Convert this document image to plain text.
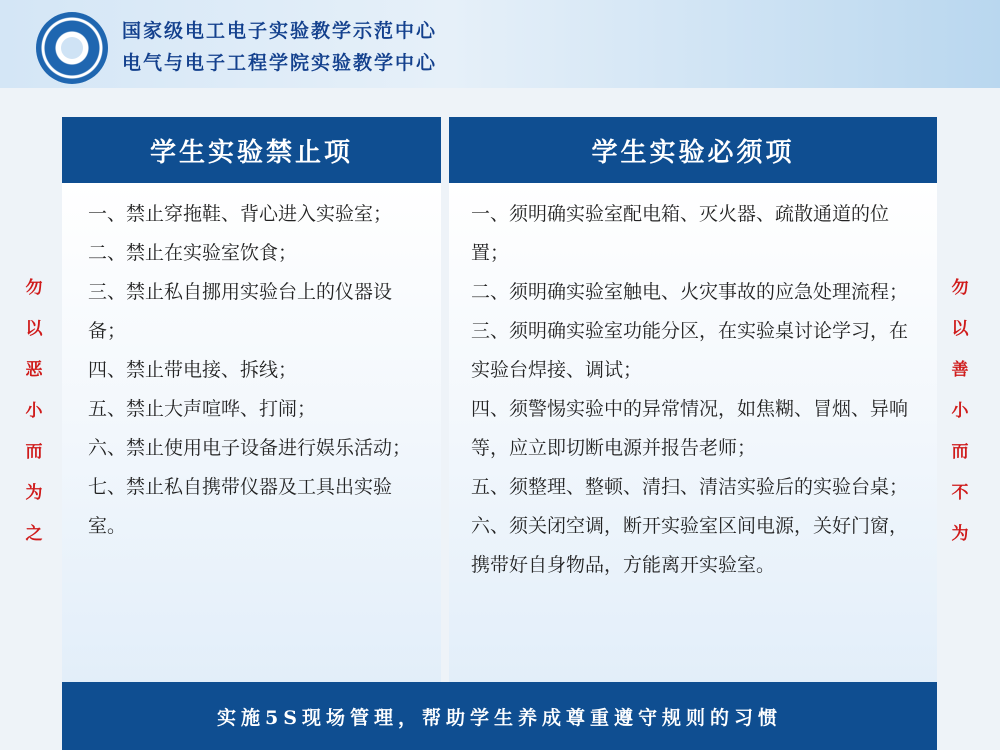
国家级电工电子实验教学示范中心
电气与电子工程学院实验教学中心
勿
以
恶
小
而
为
之
勿
以
善
小
而
不
为
学生实验禁止项
一、禁止穿拖鞋、背心进入实验室；
二、禁止在实验室饮食；
三、禁止私自挪用实验台上的仪器设备；
四、禁止带电接、拆线；
五、禁止大声喧哗、打闹；
六、禁止使用电子设备进行娱乐活动；
七、禁止私自携带仪器及工具出实验室。
学生实验必须项
一、须明确实验室配电箱、灭火器、疏散通道的位置；
二、须明确实验室触电、火灾事故的应急处理流程；
三、须明确实验室功能分区，在实验桌讨论学习，在实验台焊接、调试；
四、须警惕实验中的异常情况，如焦糊、冒烟、异响等，应立即切断电源并报告老师；
五、须整理、整顿、清扫、清洁实验后的实验台桌；
六、须关闭空调，断开实验室区间电源，关好门窗，携带好自身物品，方能离开实验室。
实施5S现场管理，帮助学生养成尊重遵守规则的习惯
